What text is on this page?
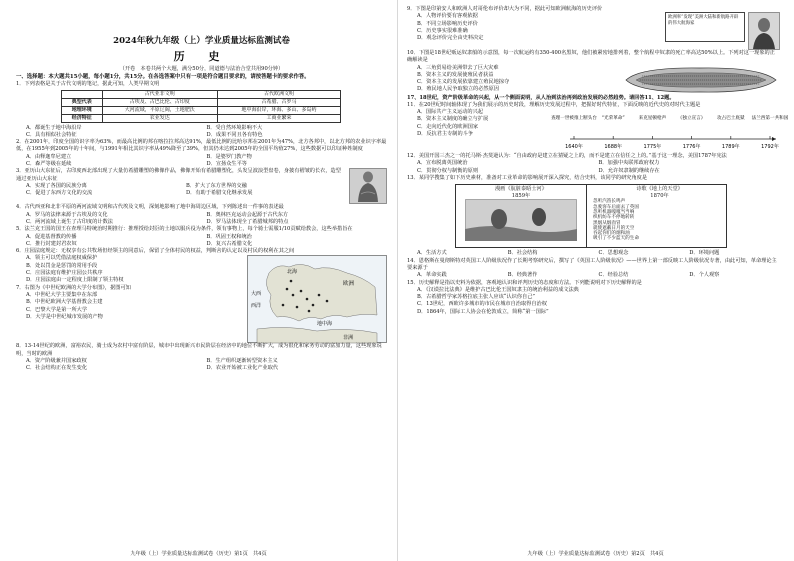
2024年秋九年级（上）学业质量达标监测试卷
历 史
（开卷　本卷共两个大题，满分50分，同道德与法治合堂共用90分钟）
一、选择题：本大题共15小题，每小题1分，共15分。在各选答案中只有一项是符合题目要求的，请按答题卡的要求作答。
1．下列表格是关于古代文明的笔记，据此可知，人类早期文明
	古代亚非文明	古代欧洲文明
典型代表	古埃及、古巴比伦、古印度	古希腊、古罗马
地理环境	大河流域，平原辽阔，土地肥沃	地中海沿岸，环海、多山、多岛屿
经济特征	农业发达	工商业繁荣
A．都诞生于地中海沿岸	B．受自然环境影响不大
C．具有相似社会特征	D．成果不同且各有特色
2．在2001年，印度全国的识字率为63%，而最高比例的邦在喀拉拉邦高达91%，最低比例的比哈尔邦在2001年为47%，北方各邦中，以北方邦的农业识字率最低，在1955年到2005年的十年间，与1991年相比其识字率从49%降至了39%，但其仍未达到2005年的全国平均值27%，这些数据可以印证种姓制度
A．由释迦牟尼建立	B．是婆罗门教产物
C．森严等级在延续	D．宣扬众生平等
3．亚历山大东征后，古印度西北部出现了大量仿希腊雕塑的佛像作品，佛像开始有希腊雕塑化，头发呈波浪型盘卷，身披有褶皱的长衣，造型通过亚历山大东征
A．实现了各国的民族分离	B．扩大了东方世界的交融
C．促进了东西方文化的交流	D．有助于希腊文化继承发展
4．古代西亚和北非平原的两河流域文明和古代埃及文明，深刻地影响了地中海周边区域，下列陈述出一件事的表述最
A．罗马的法律来源于古埃及的文化	B．奥林匹克运动会起源于古代东方
C．两河流域上诞生了古印度的计数法	D．罗马法体现全了希腊城邦的特点
5．法兰克王国的国王在查理马特统治时期推行：推理授给封臣的土地以服兵役为条件，领有事物上，每个骑士需服1/10贡赋给教会，这些举措旨在
A．促进基督教的传播	B．巩固王权和统治
C．推行封建封君农奴	D．复兴古希腊文化
6．庄园法庭规定：无权享有公共牧场但经领主的同意后，保留了全体村民的权益，判断舍的认定以及村民的权利在其之间
A．领主可以凭借法庭权威保护
B．处以罚金是惩罚的常用手段
C．庄园法庭有维护庄园公共秩序
D．庄园法庭由一定程度上限制了领主特权
7．右图为《中世纪欧洲的大学分布图》，据图可知
A．中世纪大学主要集中在东部
B．中世纪欧洲大学基督教会主建
C．巴黎大学是第一所大学
D．大学是中世纪城市发展的产物
北海
大西
西洋
欧洲
地中海
非洲
8．13-14世纪的欧洲，富裕农民，骑士成为农村中富有阶层，城市中出现新兴市民阶层在经济中的地位不断扩大，成为很化和家务劳动的富加力量，这些现象说明，当时的欧洲
A．资产阶级兼并国家政权	B．生产组织逐渐转型资本主义
C．社会结构正在发生变化	D．农业开始被工业化产业取代
九年级（上）学业质量达标监测试卷（历史）第1页　共4页
9．下图是印第安人和欧洲人对哥伦布评价却大为不同，据此可知欧洲航海的历史评价
A．人物评价要有客观依据
B．不同立场影响历史评价
C．历史事实很难准确
D．观念评价完全由史料决定
欧洲率“发现”美洲大陆和新航路开辟的伟大航海家
10．下图是18世纪贩运奴隶船的示意图，每一次航运约有350-400名黑奴，他们被紧密地排列着，整个航程中奴隶的死亡率高达50%以上。下列对这一现象的正确解读是
A．三角贸易给美洲带去了巨大灾难
B．资本主义的发展使殖民者获益
C．资本主义的发展依靠建立殖民地掠夺
D．殖民地人民争取独立的必然原因
17、18世纪，资产阶级革命的兴起，从一个侧面说明，从人治到法治再到政治发展的必然趋势。请回答11、12题。
11．在20世纪时间轴体现了为我们展示的历史时段，理解历史发展过程中，把握好时代特征，下面反映的近代史的对时代主题是
A．国际共产主义运动的兴起
B．资本主义制度的确立与扩展
C．走向近代化的欧洲国家
D．反抗君主专制的斗争
查理一世被推上断头台
1640年
“光荣革命”
1688年
来克星顿枪声
1775年
《独立宣言》
1776年
攻占巴士底狱
1789年
法兰西第一共和国
1792年
12．美国开国三杰之一的托马斯·杰斐逊认为：“自由政府是建立在猜疑之上的，而不是建立在信任之上的。”基于这一理念，美国1787年宪法
A．宣布脱离英国统治	B．加强中央联邦政府权力
C．贯彻分权与制衡的原则	D．允许奴隶制的继续存在
13．某同学搜集了如下历史素材，准备对工业革命的影响展开深入探究，结合史料，该同学的研究角度是
漫画《肮脏泰晤士河》
1859年
诗歌《地上的天堂》
1870年
忽听汽笛长鸣声
急驶客车后面去了英国
忽听机器嘎嘎当当响
织机纺车不停地转转
黑烟从烟囱冒
就使遮蔽日月的天空
吞起你们的烟和油
吸引了不少蓝天的生命
A．生活方式	B．社会结构	C．思想观念	D．环境问题
14．恩格斯在曼彻斯特对英国工人阶级状况作了长期考察研究后，撰写了《英国工人阶级状况》——世界上第一部反映工人阶级状况专著，由此可知，革命理论主要来源于
A．革命实践	B．经典著作	C．经验总结	D．个人观察
15．历史解释是指以史料为依据，客观地认识和评判历史的态度和方法。下列能说明对下历史解释的是
A．《汉谟拉比法典》是维护古巴比伦王国奴隶主的统治利益的成文法典
B．古希腊哲学家苏格拉底主张人应该“认识你自己”
C．13世纪，西欧许多城市的市民在城市自治取得自治权
D．1864年，国际工人协会在伦敦成立，简称“第一国际”
九年级（上）学业质量达标监测试卷（历史）第2页　共4页
